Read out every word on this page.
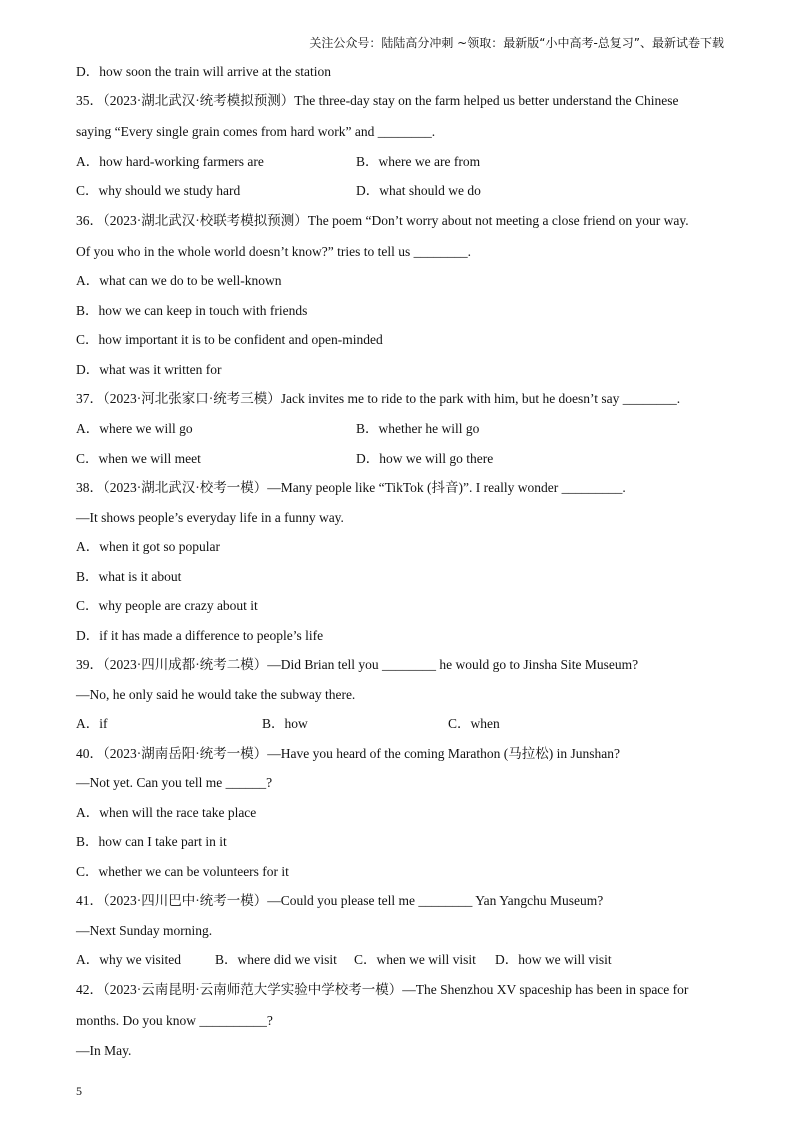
关注公众号：陆陆高分冲刺 ~领取：最新版“小中高考-总复习”、最新试卷下载
D．how soon the train will arrive at the station
35．（2023·湖北武汉·统考模拟预测）The three-day stay on the farm helped us better understand the Chinese
saying “Every single grain comes from hard work” and ________.
A．how hard-working farmers are	B．where we are from
C．why should we study hard	D．what should we do
36．（2023·湖北武汉·校联考模拟预测）The poem “Don’t worry about not meeting a close friend on your way.
Of you who in the whole world doesn’t know?” tries to tell us ________.
A．what can we do to be well-known
B．how we can keep in touch with friends
C．how important it is to be confident and open-minded
D．what was it written for
37．（2023·河北张家口·统考三模）Jack invites me to ride to the park with him, but he doesn’t say ________.
A．where we will go	B．whether he will go
C．when we will meet	D．how we will go there
38．（2023·湖北武汉·校考一模）—Many people like “TikTok (抖音)”. I really wonder _________.
—It shows people’s everyday life in a funny way.
A．when it got so popular
B．what is it about
C．why people are crazy about it
D．if it has made a difference to people’s life
39．（2023·四川成都·统考二模）—Did Brian tell you ________ he would go to Jinsha Site Museum?
—No, he only said he would take the subway there.
A．if	B．how	C．when
40．（2023·湖南岳阳·统考一模）—Have you heard of the coming Marathon (马拉松) in Junshan?
—Not yet. Can you tell me ______?
A．when will the race take place
B．how can I take part in it
C．whether we can be volunteers for it
41．（2023·四川巴中·统考一模）—Could you please tell me ________ Yan Yangchu Museum?
—Next Sunday morning.
A．why we visited	B．where did we visit C．when we will visit D．how we will visit
42．（2023·云南昆明·云南师范大学实验中学校考一模）—The Shenzhou XV spaceship has been in space for
months. Do you know __________?
—In May.
5
